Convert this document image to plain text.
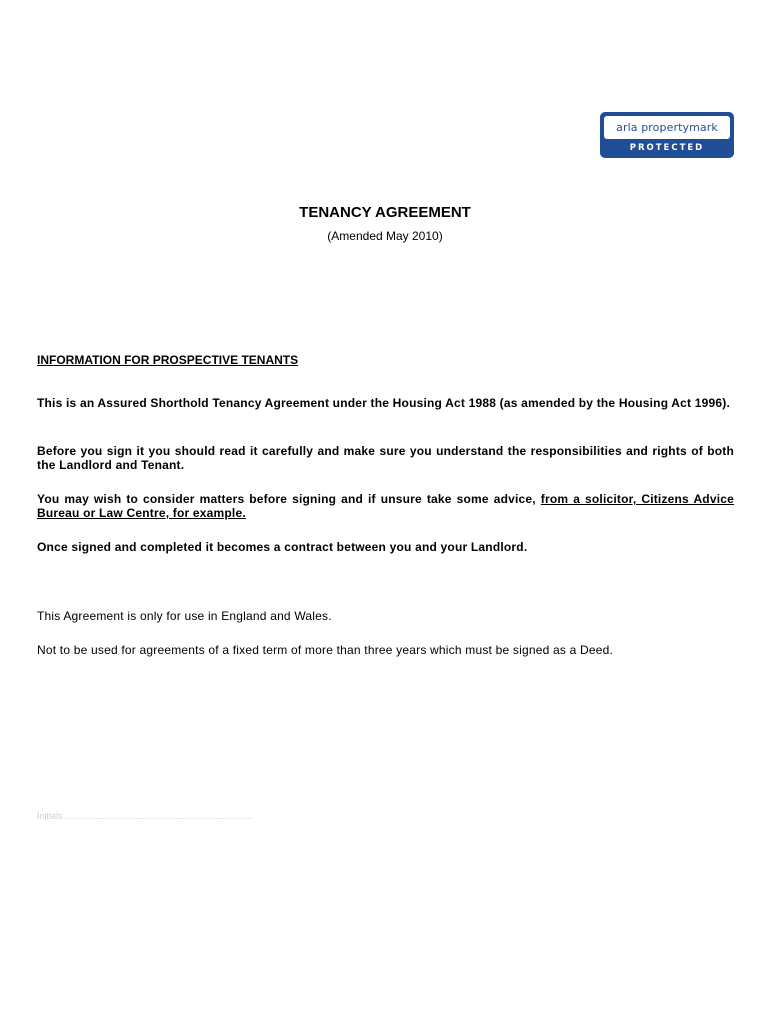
arla propertymark
PROTECTED
TENANCY AGREEMENT
(Amended May 2010)
INFORMATION FOR PROSPECTIVE TENANTS

This is an Assured Shorthold Tenancy Agreement under the Housing Act 1988 (as amended by the Housing Act 1996).

Before you sign it you should read it carefully and make sure you understand the responsibilities and rights of both the Landlord and Tenant.

You may wish to consider matters before signing and if unsure take some advice, from a solicitor, Citizens Advice Bureau or Law Centre, for example.

Once signed and completed it becomes a contract between you and your Landlord.

This Agreement is only for use in England and Wales.

Not to be used for agreements of a fixed term of more than three years which must be signed as a Deed.

Initials ...........................................................................
